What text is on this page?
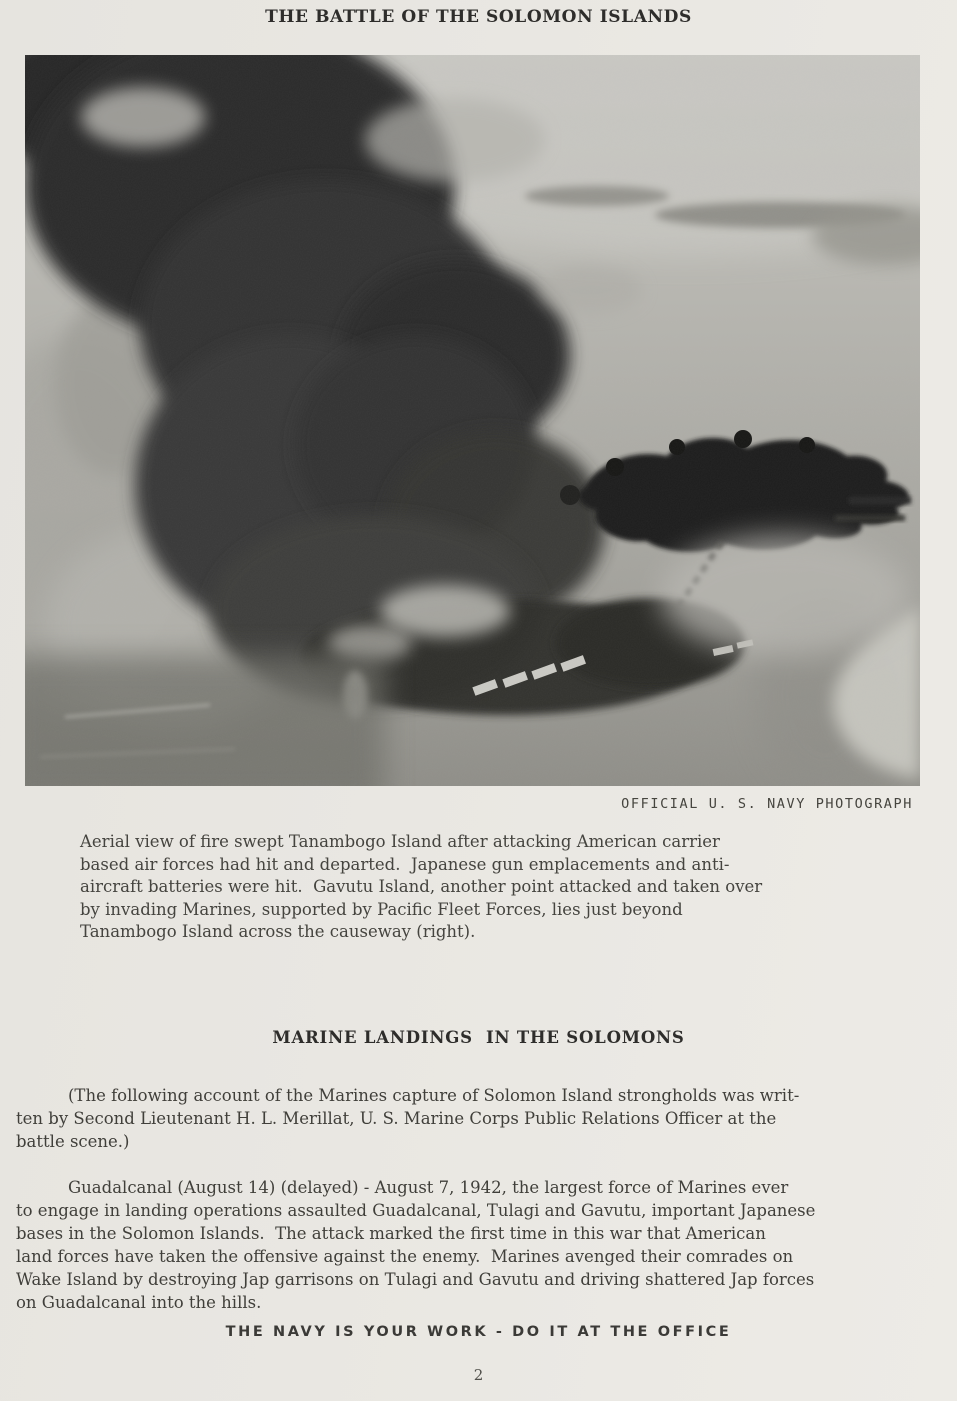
THE BATTLE OF THE SOLOMON ISLANDS
OFFICIAL U. S. NAVY PHOTOGRAPH
Aerial view of fire swept Tanambogo Island after attacking American carrier
based air forces had hit and departed.  Japanese gun emplacements and anti-
aircraft batteries were hit.  Gavutu Island, another point attacked and taken over
by invading Marines, supported by Pacific Fleet Forces, lies just beyond
Tanambogo Island across the causeway (right).
MARINE LANDINGS  IN THE SOLOMONS
(The following account of the Marines capture of Solomon Island strongholds was writ-
ten by Second Lieutenant H. L. Merillat, U. S. Marine Corps Public Relations Officer at the
battle scene.)
Guadalcanal (August 14) (delayed) - August 7, 1942, the largest force of Marines ever
to engage in landing operations assaulted Guadalcanal, Tulagi and Gavutu, important Japanese
bases in the Solomon Islands.  The attack marked the first time in this war that American
land forces have taken the offensive against the enemy.  Marines avenged their comrades on
Wake Island by destroying Jap garrisons on Tulagi and Gavutu and driving shattered Jap forces
on Guadalcanal into the hills.
THE NAVY IS YOUR WORK - DO IT AT THE OFFICE
2
